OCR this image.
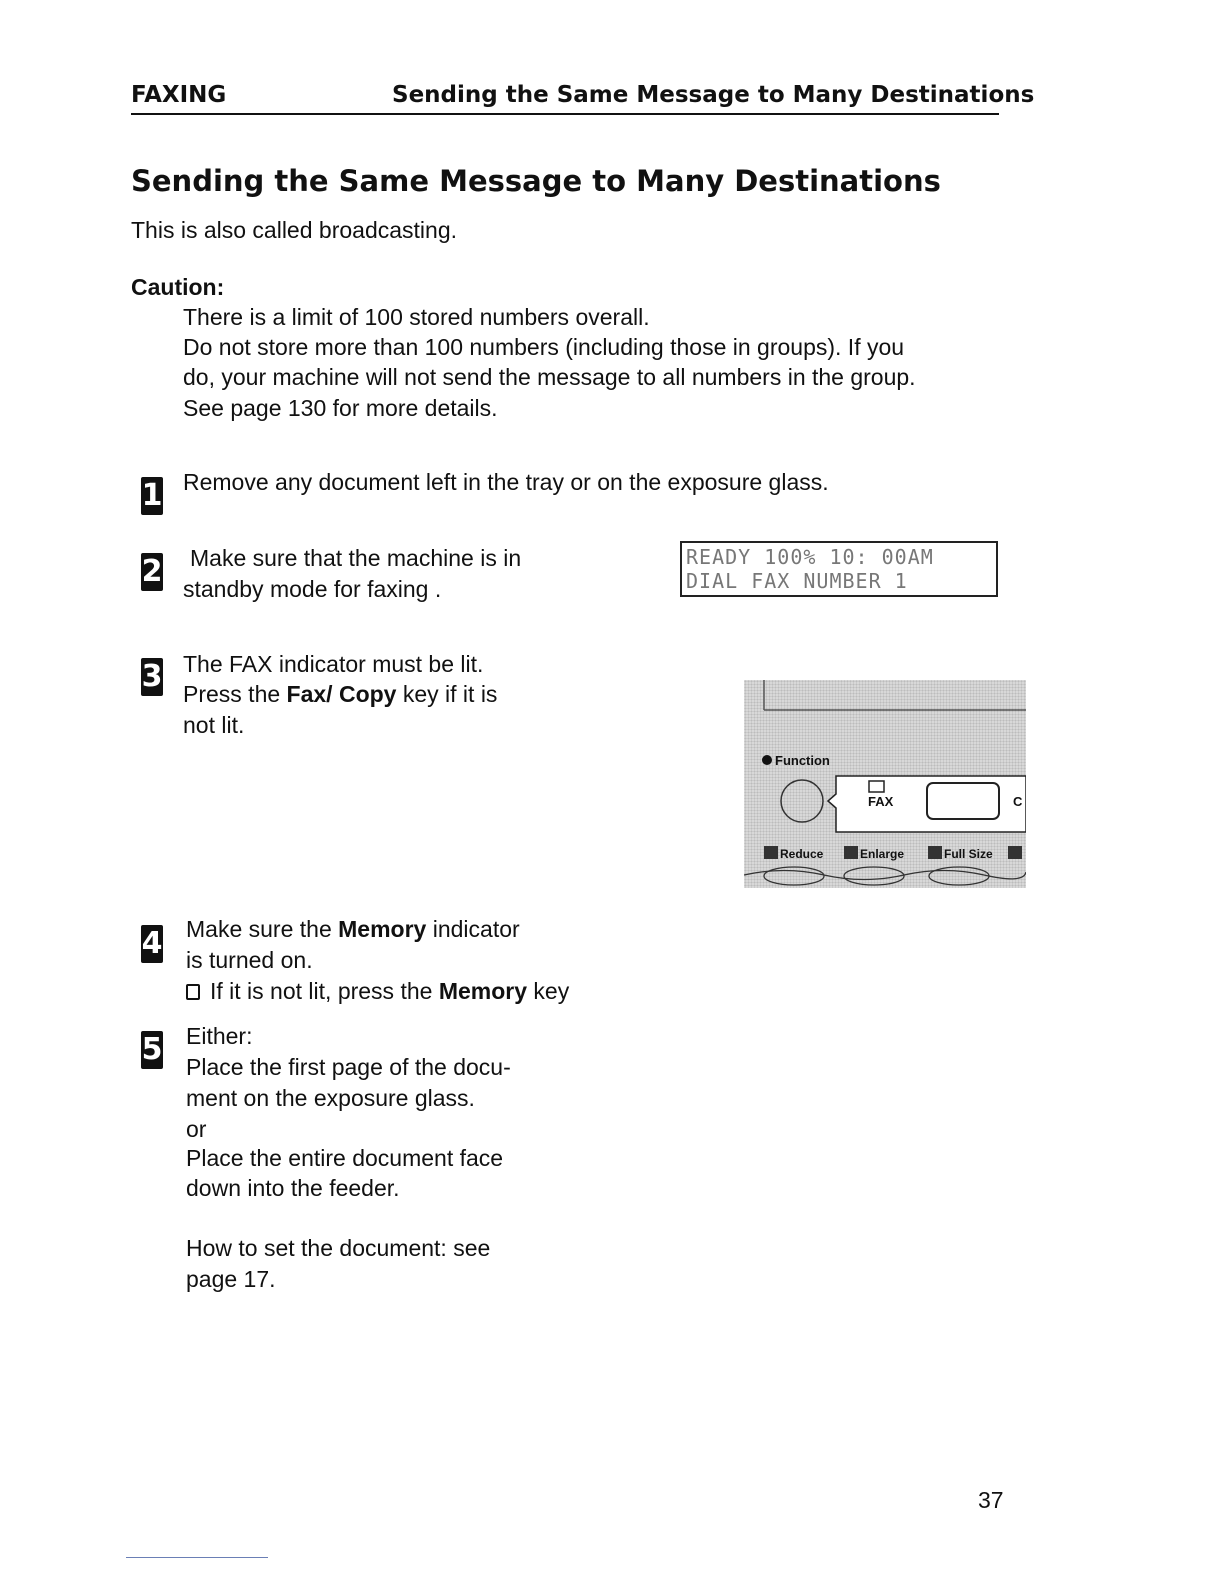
FAXING	Sending the Same Message to Many Destinations
Sending the Same Message to Many Destinations
This is also called broadcasting.
Caution:
There is a limit of 100 stored numbers overall.
Do not store more than 100 numbers (including those in groups). If you
do, your machine will not send the message to all numbers in the group.
See page 130 for more details.
1 Remove any document left in the tray or on the exposure glass.
2 Make sure that the machine is in
standby mode for faxing .
READY 100% 10: 00AM
DIAL FAX NUMBER 1
3 The FAX indicator must be lit.
Press the Fax/ Copy key if it is
not lit.
Function
FAX	C
Reduce	Enlarge	Full Size
4 Make sure the Memory indicator
is turned on.
If it is not lit, press the Memory key
5 Either:
Place the first page of the docu-
ment on the exposure glass.
or
Place the entire document face
down into the feeder.
How to set the document: see
page 17.
37
